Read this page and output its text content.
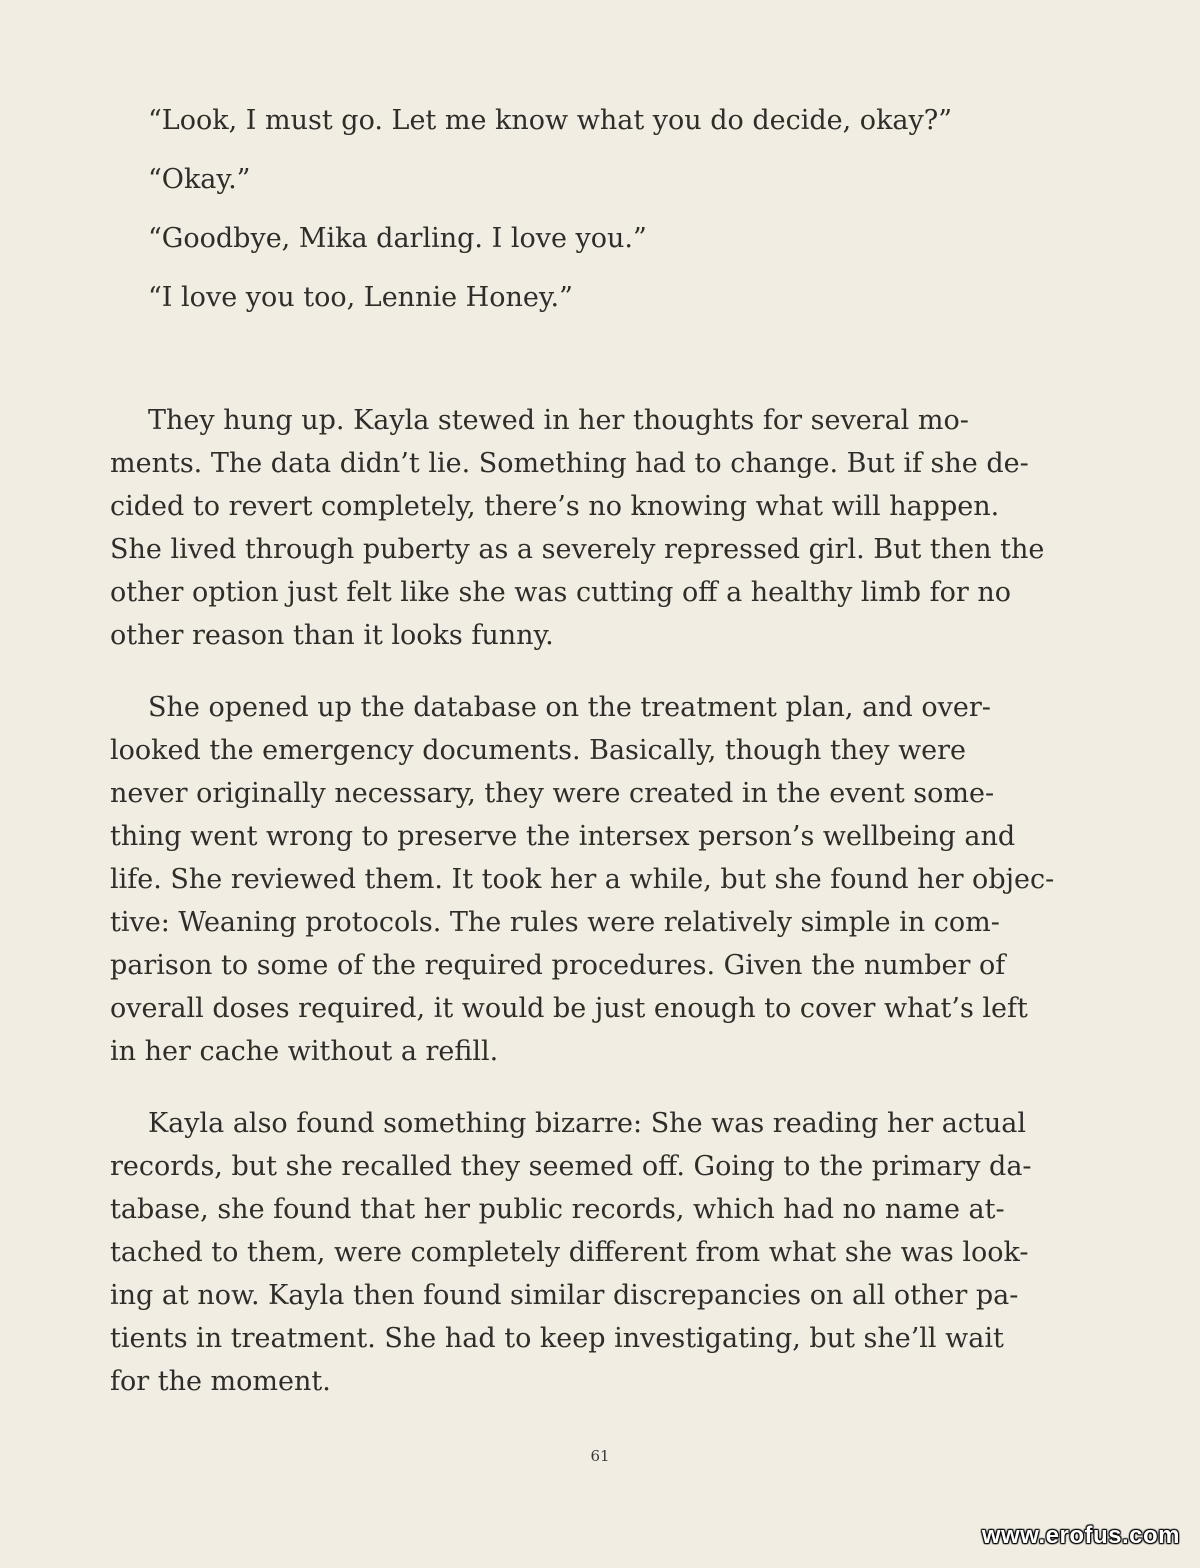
“Look, I must go. Let me know what you do decide, okay?”

“Okay.”

“Goodbye, Mika darling. I love you.”

“I love you too, Lennie Honey.”

They hung up. Kayla stewed in her thoughts for several mo-
ments. The data didn’t lie. Something had to change. But if she de-
cided to revert completely, there’s no knowing what will happen.
She lived through puberty as a severely repressed girl. But then the
other option just felt like she was cutting off a healthy limb for no
other reason than it looks funny.
She opened up the database on the treatment plan, and over-
looked the emergency documents. Basically, though they were
never originally necessary, they were created in the event some-
thing went wrong to preserve the intersex person’s wellbeing and
life. She reviewed them. It took her a while, but she found her objec-
tive: Weaning protocols. The rules were relatively simple in com-
parison to some of the required procedures. Given the number of
overall doses required, it would be just enough to cover what’s left
in her cache without a refill.
Kayla also found something bizarre: She was reading her actual
records, but she recalled they seemed off. Going to the primary da-
tabase, she found that her public records, which had no name at-
tached to them, were completely different from what she was look-
ing at now. Kayla then found similar discrepancies on all other pa-
tients in treatment. She had to keep investigating, but she’ll wait
for the moment.
61
www.erofus.com
